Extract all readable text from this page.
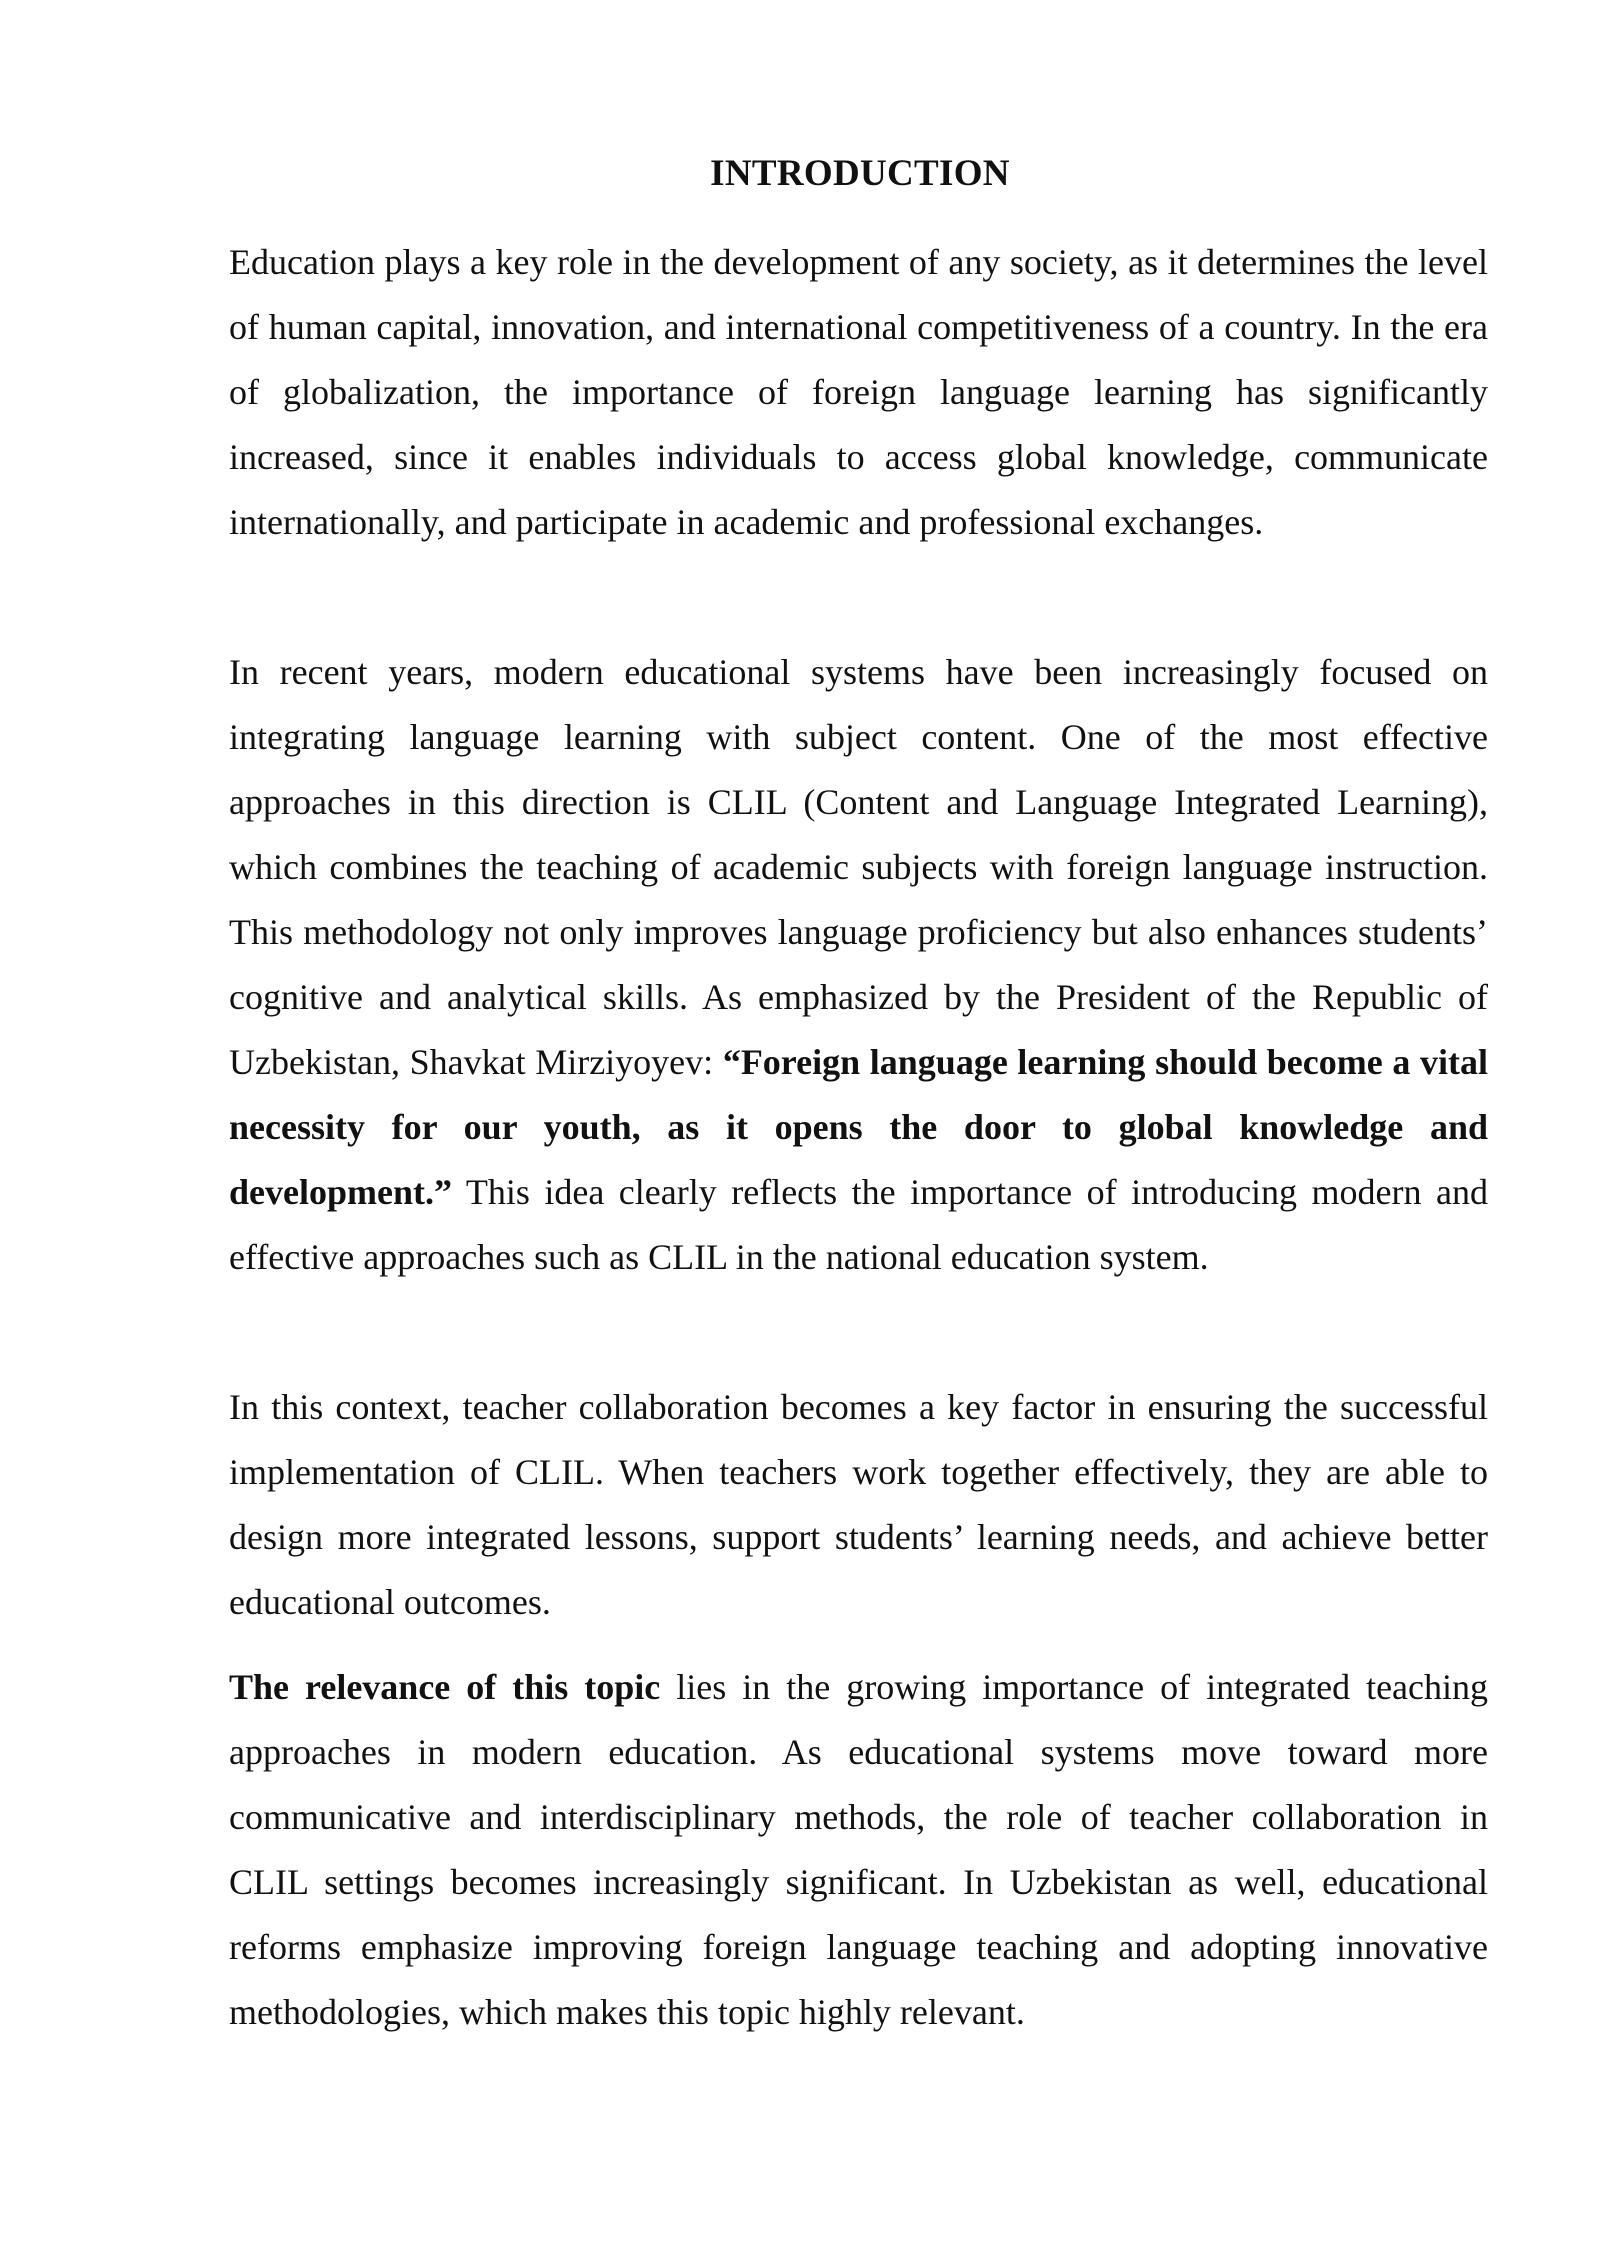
INTRODUCTION

Education plays a key role in the development of any society, as it determines the level of human capital, innovation, and international competitiveness of a country. In the era of globalization, the importance of foreign language learning has significantly increased, since it enables individuals to access global knowledge, communicate internationally, and participate in academic and professional exchanges.

In recent years, modern educational systems have been increasingly focused on integrating language learning with subject content. One of the most effective approaches in this direction is CLIL (Content and Language Integrated Learning), which combines the teaching of academic subjects with foreign language instruction. This methodology not only improves language proficiency but also enhances students’ cognitive and analytical skills. As emphasized by the President of the Republic of Uzbekistan, Shavkat Mirziyoyev: “Foreign language learning should become a vital necessity for our youth, as it opens the door to global knowledge and development.” This idea clearly reflects the importance of introducing modern and effective approaches such as CLIL in the national education system.

In this context, teacher collaboration becomes a key factor in ensuring the successful implementation of CLIL. When teachers work together effectively, they are able to design more integrated lessons, support students’ learning needs, and achieve better educational outcomes.

The relevance of this topic lies in the growing importance of integrated teaching approaches in modern education. As educational systems move toward more communicative and interdisciplinary methods, the role of teacher collaboration in CLIL settings becomes increasingly significant. In Uzbekistan as well, educational reforms emphasize improving foreign language teaching and adopting innovative methodologies, which makes this topic highly relevant.
